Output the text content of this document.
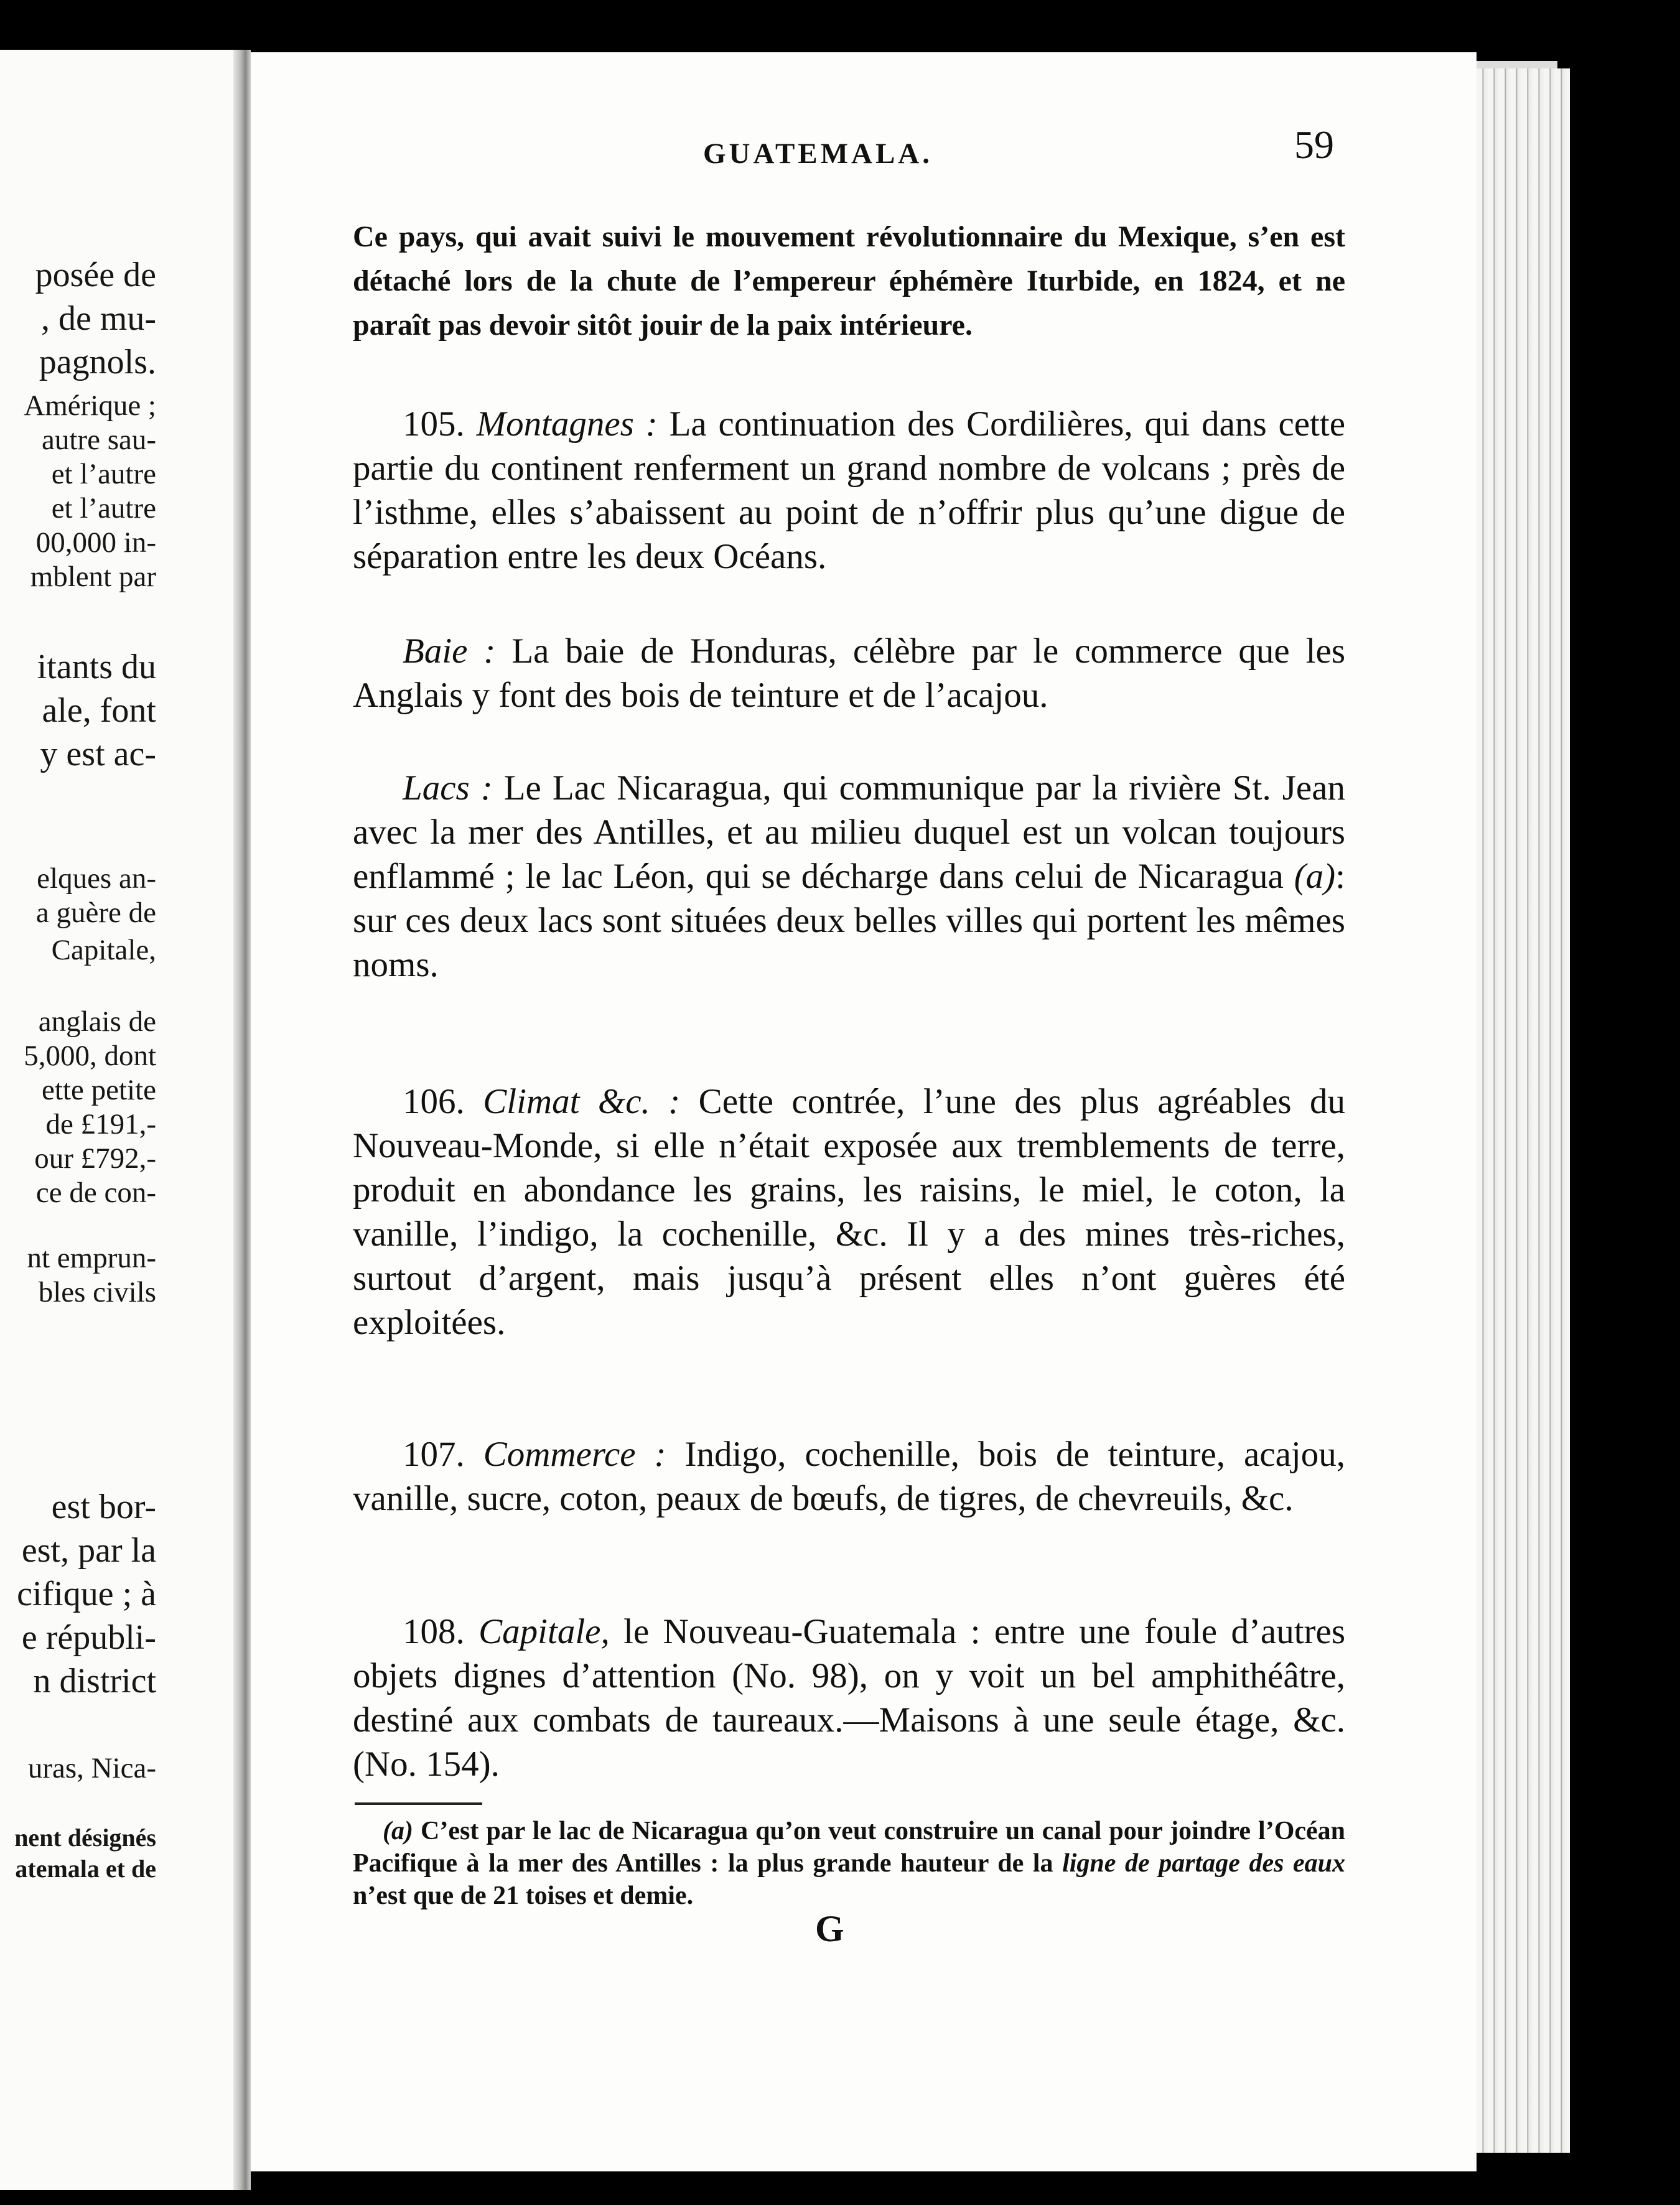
posée de
, de mu-
pagnols.
Amérique ;
autre sau-
et l’autre
et l’autre
00,000 in-
mblent par
itants du
ale, font
y est ac-
elques an-
a guère de
Capitale,
anglais de
5,000, dont
ette petite
de £191,-
our £792,-
ce de con-
nt emprun-
bles civils
est bor-
est, par la
cifique ; à
e républi-
n district
uras, Nica-
nent désignés
atemala et de
GUATEMALA.	59

Ce pays, qui avait suivi le mouvement révolutionnaire du Mexique, s’en est détaché lors de la chute de l’empereur éphémère Iturbide, en 1824, et ne paraît pas devoir sitôt jouir de la paix intérieure.

105. Montagnes : La continuation des Cordilières, qui dans cette partie du continent renferment un grand nombre de volcans ; près de l’isthme, elles s’abaissent au point de n’offrir plus qu’une digue de séparation entre les deux Océans.

Baie : La baie de Honduras, célèbre par le commerce que les Anglais y font des bois de teinture et de l’acajou.

Lacs : Le Lac Nicaragua, qui communique par la rivière St. Jean avec la mer des Antilles, et au milieu duquel est un volcan toujours enflammé ; le lac Léon, qui se décharge dans celui de Nicaragua (a): sur ces deux lacs sont situées deux belles villes qui portent les mêmes noms.

106. Climat &c. : Cette contrée, l’une des plus agréables du Nouveau-Monde, si elle n’était exposée aux tremblements de terre, produit en abondance les grains, les raisins, le miel, le coton, la vanille, l’indigo, la cochenille, &c. Il y a des mines très-riches, surtout d’argent, mais jusqu’à présent elles n’ont guères été exploitées.

107. Commerce : Indigo, cochenille, bois de teinture, acajou, vanille, sucre, coton, peaux de bœufs, de tigres, de chevreuils, &c.

108. Capitale, le Nouveau-Guatemala : entre une foule d’autres objets dignes d’attention (No. 98), on y voit un bel amphithéâtre, destiné aux combats de taureaux.—Maisons à une seule étage, &c. (No. 154).

(a) C’est par le lac de Nicaragua qu’on veut construire un canal pour joindre l’Océan Pacifique à la mer des Antilles : la plus grande hauteur de la ligne de partage des eaux n’est que de 21 toises et demie.

G
